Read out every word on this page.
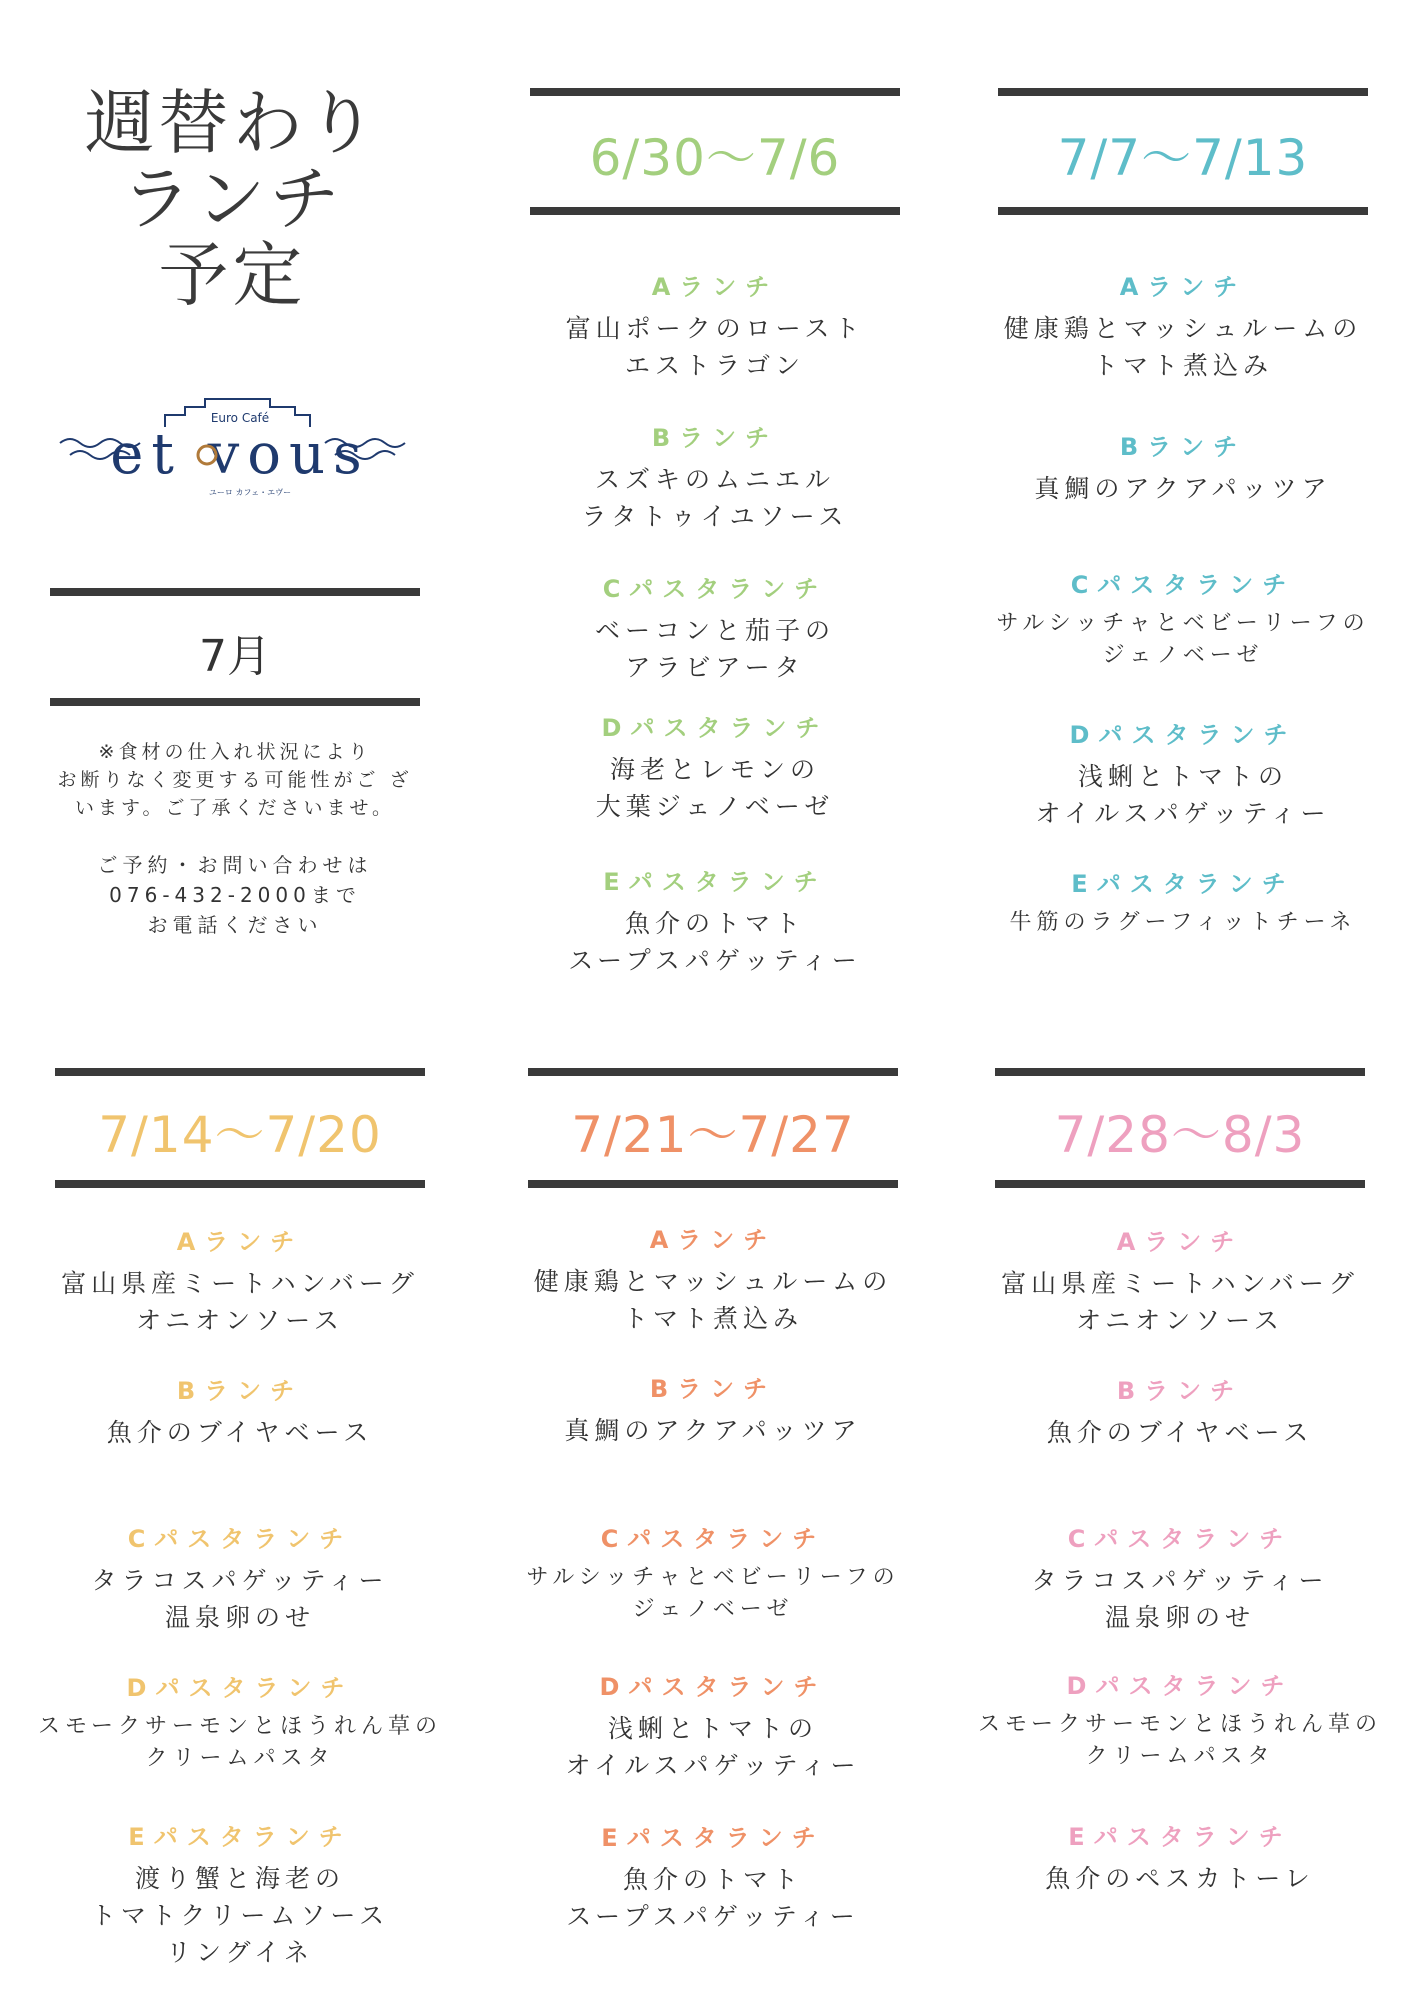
週替わり
ランチ
予定
Euro Café
et vous
ユーロ カフェ・エヴー
7月
※食材の仕入れ状況により
お断りなく変更する可能性がご ざ
います。ご了承くださいませ。
ご予約・お問い合わせは
076-432-2000まで
お電話ください
6/30～7/6
Aランチ
富山ポークのロースト
エストラゴン
Bランチ
スズキのムニエル
ラタトゥイユソース
Cパスタランチ
ベーコンと茄子の
アラビアータ
Dパスタランチ
海老とレモンの
大葉ジェノベーゼ
Eパスタランチ
魚介のトマト
スープスパゲッティー
7/7～7/13
Aランチ
健康鶏とマッシュルームの
トマト煮込み
Bランチ
真鯛のアクアパッツア
Cパスタランチ
サルシッチャとベビーリーフの
ジェノベーゼ
Dパスタランチ
浅蜊とトマトの
オイルスパゲッティー
Eパスタランチ
牛筋のラグーフィットチーネ
7/14～7/20
Aランチ
富山県産ミートハンバーグ
オニオンソース
Bランチ
魚介のブイヤベース
Cパスタランチ
タラコスパゲッティー
温泉卵のせ
Dパスタランチ
スモークサーモンとほうれん草の
クリームパスタ
Eパスタランチ
渡り蟹と海老の
トマトクリームソース
リングイネ
7/21～7/27
Aランチ
健康鶏とマッシュルームの
トマト煮込み
Bランチ
真鯛のアクアパッツア
Cパスタランチ
サルシッチャとベビーリーフの
ジェノベーゼ
Dパスタランチ
浅蜊とトマトの
オイルスパゲッティー
Eパスタランチ
魚介のトマト
スープスパゲッティー
7/28～8/3
Aランチ
富山県産ミートハンバーグ
オニオンソース
Bランチ
魚介のブイヤベース
Cパスタランチ
タラコスパゲッティー
温泉卵のせ
Dパスタランチ
スモークサーモンとほうれん草の
クリームパスタ
Eパスタランチ
魚介のペスカトーレ
